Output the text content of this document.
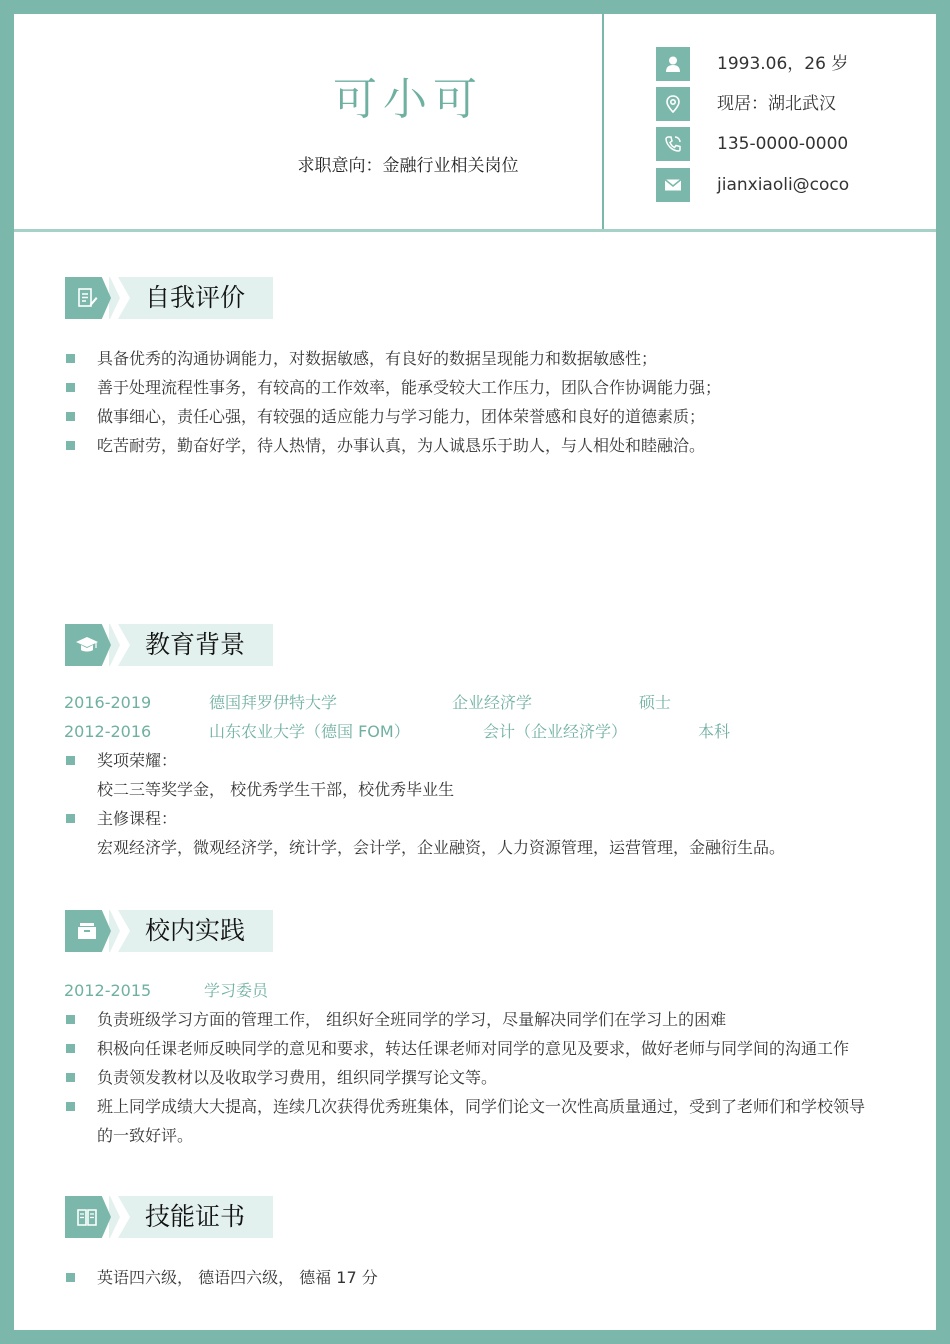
可小可
求职意向：金融行业相关岗位
1993.06，26 岁
现居：湖北武汉
135-0000-0000
jianxiaoli@coco
自我评价
具备优秀的沟通协调能力，对数据敏感，有良好的数据呈现能力和数据敏感性；
善于处理流程性事务，有较高的工作效率，能承受较大工作压力，团队合作协调能力强；
做事细心，责任心强，有较强的适应能力与学习能力，团体荣誉感和良好的道德素质；
吃苦耐劳，勤奋好学，待人热情，办事认真，为人诚恳乐于助人，与人相处和睦融洽。
教育背景
2016-2019	德国拜罗伊特大学	企业经济学	硕士
2012-2016	山东农业大学（德国 FOM）	会计（企业经济学）	本科
奖项荣耀：
校二三等奖学金， 校优秀学生干部，校优秀毕业生
主修课程：
宏观经济学，微观经济学，统计学，会计学，企业融资，人力资源管理，运营管理，金融衍生品。
校内实践
2012-2015	学习委员
负责班级学习方面的管理工作， 组织好全班同学的学习，尽量解决同学们在学习上的困难
积极向任课老师反映同学的意见和要求，转达任课老师对同学的意见及要求，做好老师与同学间的沟通工作
负责领发教材以及收取学习费用，组织同学撰写论文等。
班上同学成绩大大提高，连续几次获得优秀班集体，同学们论文一次性高质量通过，受到了老师们和学校领导的一致好评。
技能证书
英语四六级， 德语四六级， 德福 17 分
